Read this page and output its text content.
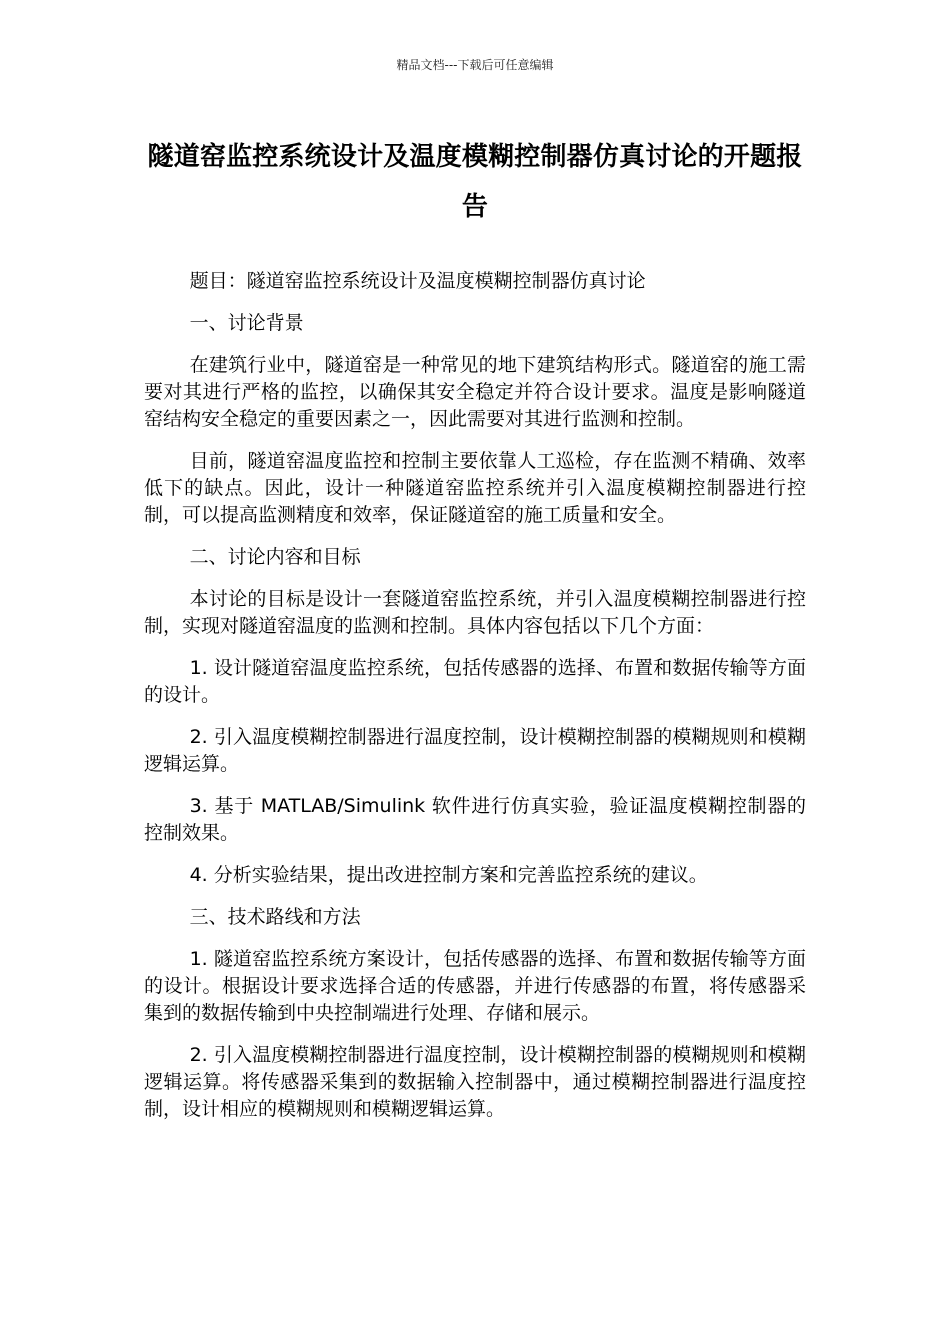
精品文档---下载后可任意编辑
隧道窑监控系统设计及温度模糊控制器仿真讨论的开题报告

题目：隧道窑监控系统设计及温度模糊控制器仿真讨论

一、讨论背景

在建筑行业中，隧道窑是一种常见的地下建筑结构形式。隧道窑的施工需要对其进行严格的监控，以确保其安全稳定并符合设计要求。温度是影响隧道窑结构安全稳定的重要因素之一，因此需要对其进行监测和控制。

目前，隧道窑温度监控和控制主要依靠人工巡检，存在监测不精确、效率低下的缺点。因此，设计一种隧道窑监控系统并引入温度模糊控制器进行控制，可以提高监测精度和效率，保证隧道窑的施工质量和安全。

二、讨论内容和目标

本讨论的目标是设计一套隧道窑监控系统，并引入温度模糊控制器进行控制，实现对隧道窑温度的监测和控制。具体内容包括以下几个方面：

1. 设计隧道窑温度监控系统，包括传感器的选择、布置和数据传输等方面的设计。

2. 引入温度模糊控制器进行温度控制，设计模糊控制器的模糊规则和模糊逻辑运算。

3. 基于 MATLAB/Simulink 软件进行仿真实验，验证温度模糊控制器的控制效果。

4. 分析实验结果，提出改进控制方案和完善监控系统的建议。

三、技术路线和方法

1. 隧道窑监控系统方案设计，包括传感器的选择、布置和数据传输等方面的设计。根据设计要求选择合适的传感器，并进行传感器的布置，将传感器采集到的数据传输到中央控制端进行处理、存储和展示。

2. 引入温度模糊控制器进行温度控制，设计模糊控制器的模糊规则和模糊逻辑运算。将传感器采集到的数据输入控制器中，通过模糊控制器进行温度控制，设计相应的模糊规则和模糊逻辑运算。
